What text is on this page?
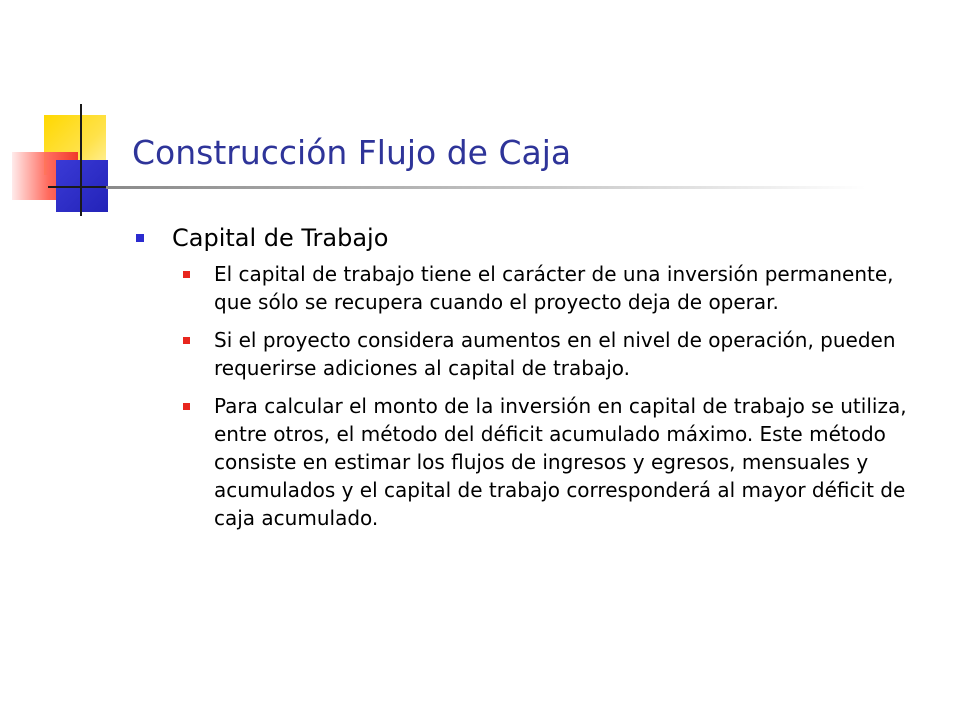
Construcción Flujo de Caja
Capital de Trabajo
El capital de trabajo tiene el carácter de una inversión permanente, que sólo se recupera cuando el proyecto deja de operar.
Si el proyecto considera aumentos en el nivel de operación, pueden requerirse adiciones al capital de trabajo.
Para calcular el monto de la inversión en capital de trabajo se utiliza, entre otros, el método del déficit acumulado máximo. Este método consiste en estimar los flujos de ingresos y egresos, mensuales y acumulados y el capital de trabajo corresponderá al mayor déficit de caja acumulado.
